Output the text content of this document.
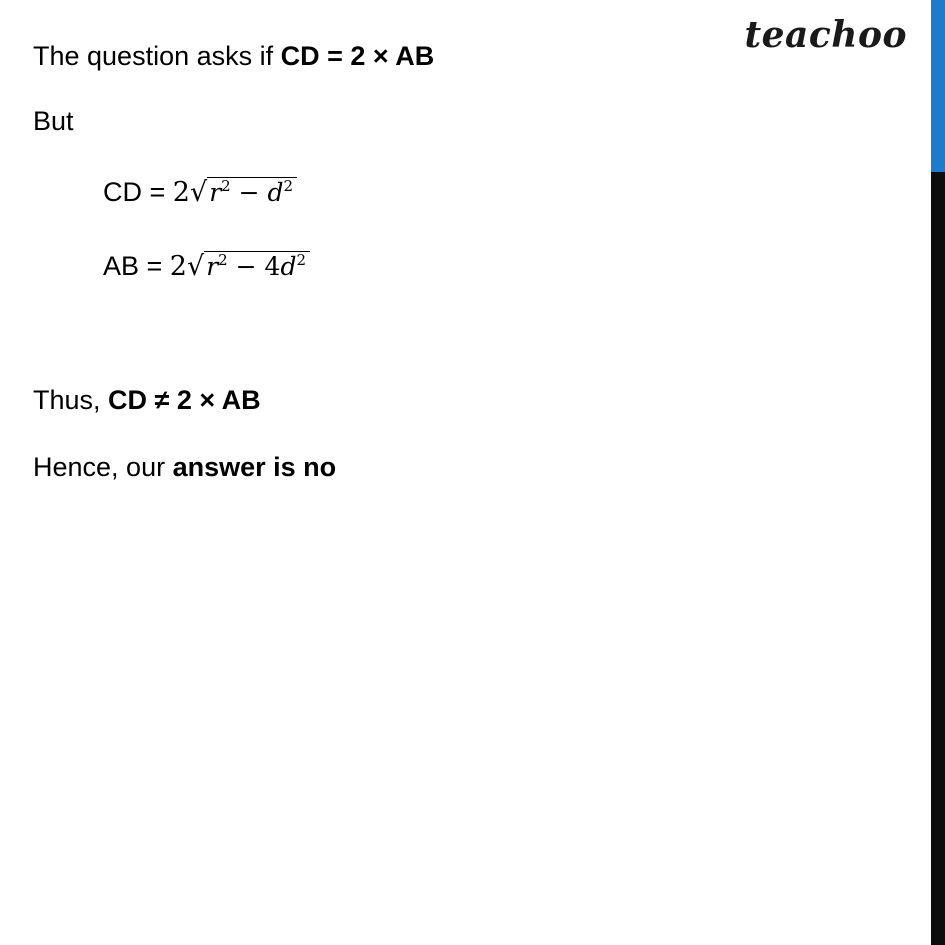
teachoo
The question asks if CD = 2 × AB
But
CD = $2√r^2 - d^2$
AB = $2√r^2 - 4d^2$
Thus, CD ≠ 2 × AB
Hence, our answer is no
